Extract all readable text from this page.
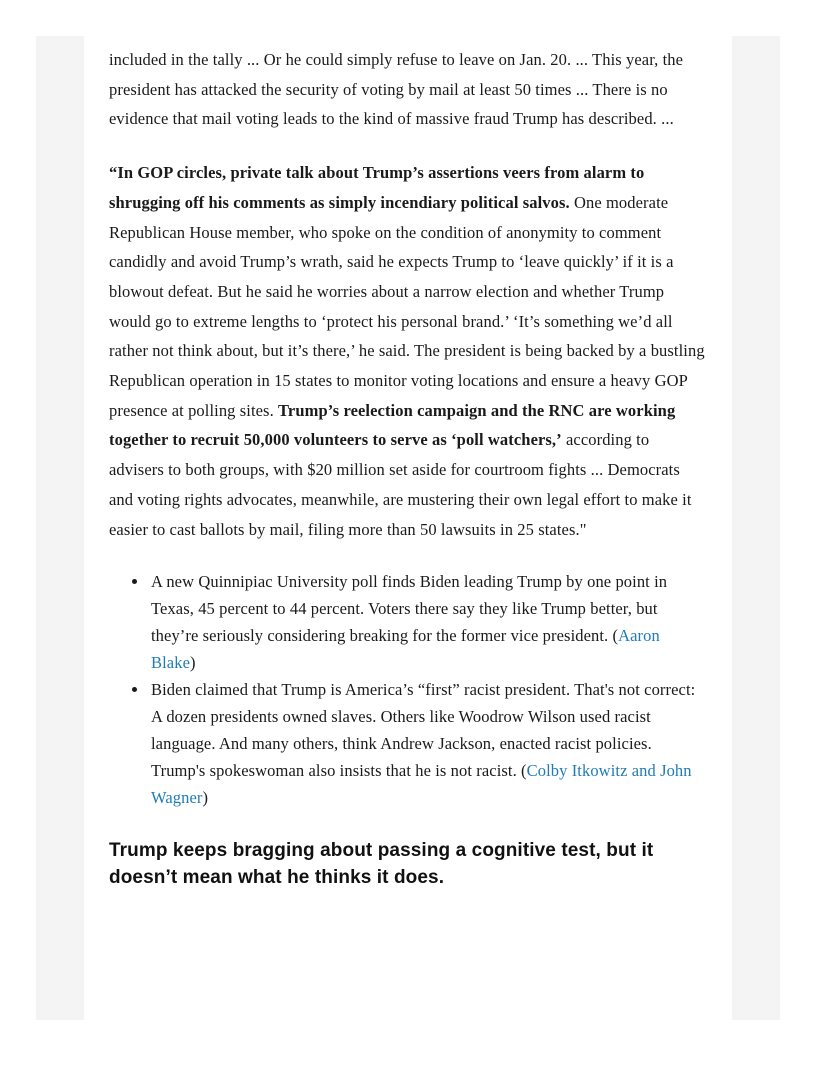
included in the tally ... Or he could simply refuse to leave on Jan. 20. ... This year, the president has attacked the security of voting by mail at least 50 times ... There is no evidence that mail voting leads to the kind of massive fraud Trump has described. ...

“In GOP circles, private talk about Trump’s assertions veers from alarm to shrugging off his comments as simply incendiary political salvos. One moderate Republican House member, who spoke on the condition of anonymity to comment candidly and avoid Trump’s wrath, said he expects Trump to ‘leave quickly’ if it is a blowout defeat. But he said he worries about a narrow election and whether Trump would go to extreme lengths to ‘protect his personal brand.’ ‘It’s something we’d all rather not think about, but it’s there,’ he said. The president is being backed by a bustling Republican operation in 15 states to monitor voting locations and ensure a heavy GOP presence at polling sites. Trump’s reelection campaign and the RNC are working together to recruit 50,000 volunteers to serve as ‘poll watchers,’ according to advisers to both groups, with $20 million set aside for courtroom fights ... Democrats and voting rights advocates, meanwhile, are mustering their own legal effort to make it easier to cast ballots by mail, filing more than 50 lawsuits in 25 states."

• A new Quinnipiac University poll finds Biden leading Trump by one point in Texas, 45 percent to 44 percent. Voters there say they like Trump better, but they’re seriously considering breaking for the former vice president. (Aaron Blake)
• Biden claimed that Trump is America’s “first” racist president. That's not correct: A dozen presidents owned slaves. Others like Woodrow Wilson used racist language. And many others, think Andrew Jackson, enacted racist policies. Trump's spokeswoman also insists that he is not racist. (Colby Itkowitz and John Wagner)
Trump keeps bragging about passing a cognitive test, but it doesn’t mean what he thinks it does.
